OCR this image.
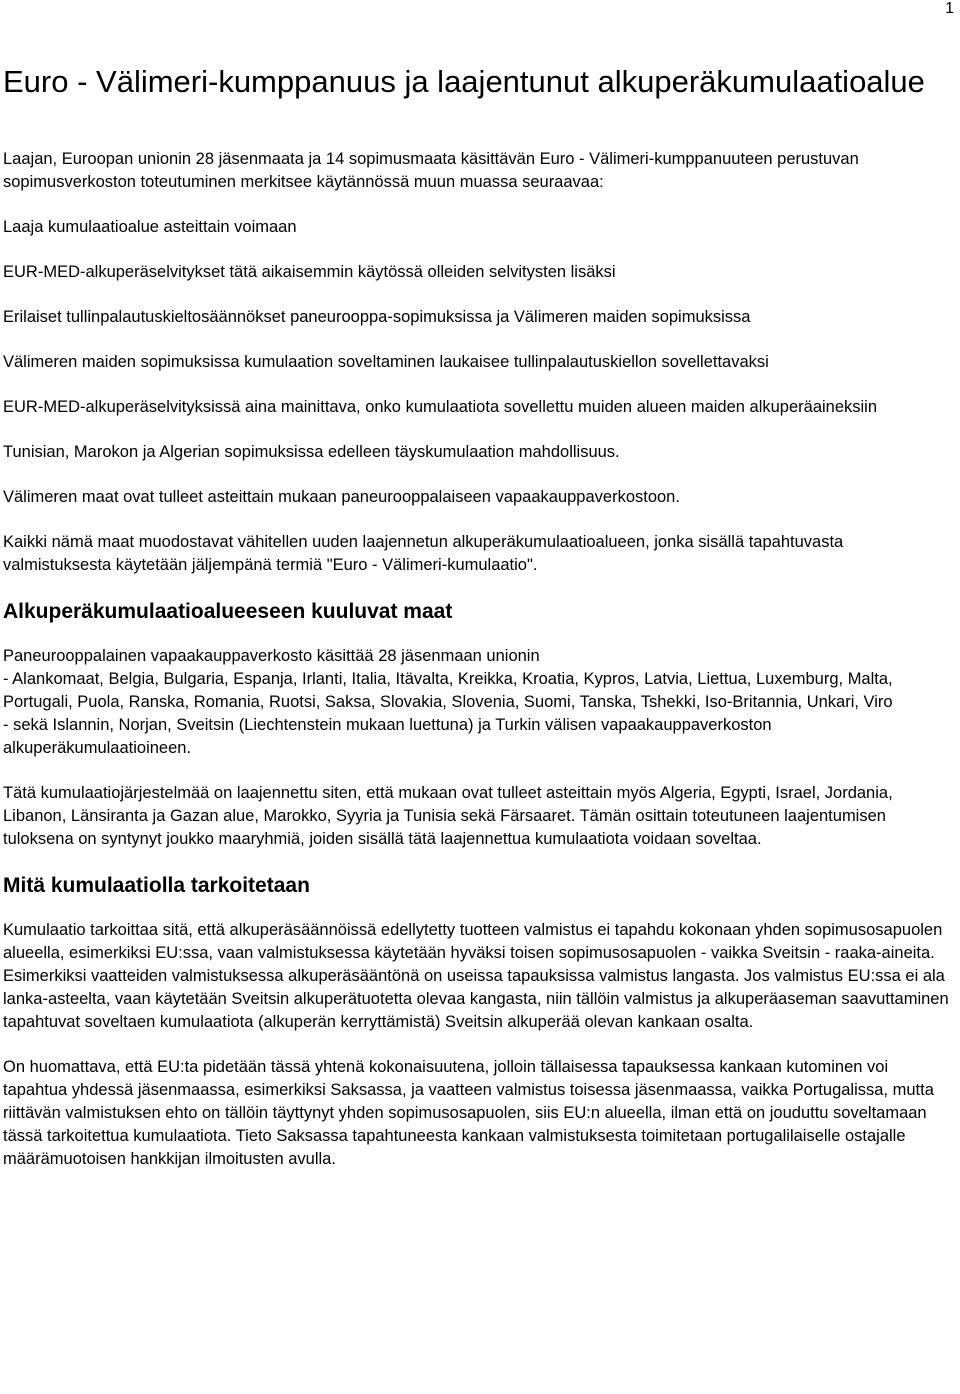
1
Euro - Välimeri-kumppanuus ja laajentunut alkuperäkumulaatioalue

Laajan, Euroopan unionin 28 jäsenmaata ja 14 sopimusmaata käsittävän Euro - Välimeri-kumppanuuteen perustuvan sopimusverkoston toteutuminen merkitsee käytännössä muun muassa seuraavaa:

Laaja kumulaatioalue asteittain voimaan

EUR-MED-alkuperäselvitykset tätä aikaisemmin käytössä olleiden selvitysten lisäksi

Erilaiset tullinpalautuskieltosäännökset paneurooppa-sopimuksissa ja Välimeren maiden sopimuksissa

Välimeren maiden sopimuksissa kumulaation soveltaminen laukaisee tullinpalautuskiellon sovellettavaksi

EUR-MED-alkuperäselvityksissä aina mainittava, onko kumulaatiota sovellettu muiden alueen maiden alkuperäaineksiin

Tunisian, Marokon ja Algerian sopimuksissa edelleen täyskumulaation mahdollisuus.

Välimeren maat ovat tulleet asteittain mukaan paneurooppalaiseen vapaakauppaverkostoon.

Kaikki nämä maat muodostavat vähitellen uuden laajennetun alkuperäkumulaatioalueen, jonka sisällä tapahtuvasta valmistuksesta käytetään jäljempänä termiä "Euro - Välimeri-kumulaatio".

Alkuperäkumulaatioalueeseen kuuluvat maat

Paneurooppalainen vapaakauppaverkosto käsittää 28 jäsenmaan unionin

- Alankomaat, Belgia, Bulgaria, Espanja, Irlanti, Italia, Itävalta, Kreikka, Kroatia, Kypros, Latvia, Liettua, Luxemburg, Malta, Portugali, Puola, Ranska, Romania, Ruotsi, Saksa, Slovakia, Slovenia, Suomi, Tanska, Tshekki, Iso-Britannia, Unkari, Viro

- sekä Islannin, Norjan, Sveitsin (Liechtenstein mukaan luettuna) ja Turkin välisen vapaakauppaverkoston alkuperäkumulaatioineen.

Tätä kumulaatiojärjestelmää on laajennettu siten, että mukaan ovat tulleet asteittain myös Algeria, Egypti, Israel, Jordania, Libanon, Länsiranta ja Gazan alue, Marokko, Syyria ja Tunisia sekä Färsaaret. Tämän osittain toteutuneen laajentumisen tuloksena on syntynyt joukko maaryhmiä, joiden sisällä tätä laajennettua kumulaatiota voidaan soveltaa.

Mitä kumulaatiolla tarkoitetaan

Kumulaatio tarkoittaa sitä, että alkuperäsäännöissä edellytetty tuotteen valmistus ei tapahdu kokonaan yhden sopimusosapuolen alueella, esimerkiksi EU:ssa, vaan valmistuksessa käytetään hyväksi toisen sopimusosapuolen - vaikka Sveitsin - raaka-aineita. Esimerkiksi vaatteiden valmistuksessa alkuperäsääntönä on useissa tapauksissa valmistus langasta. Jos valmistus EU:ssa ei ala lanka-asteelta, vaan käytetään Sveitsin alkuperätuotetta olevaa kangasta, niin tällöin valmistus ja alkuperäaseman saavuttaminen tapahtuvat soveltaen kumulaatiota (alkuperän kerryttämistä) Sveitsin alkuperää olevan kankaan osalta.

On huomattava, että EU:ta pidetään tässä yhtenä kokonaisuutena, jolloin tällaisessa tapauksessa kankaan kutominen voi tapahtua yhdessä jäsenmaassa, esimerkiksi Saksassa, ja vaatteen valmistus toisessa jäsenmaassa, vaikka Portugalissa, mutta riittävän valmistuksen ehto on tällöin täyttynyt yhden sopimusosapuolen, siis EU:n alueella, ilman että on jouduttu soveltamaan tässä tarkoitettua kumulaatiota. Tieto Saksassa tapahtuneesta kankaan valmistuksesta toimitetaan portugalilaiselle ostajalle määrämuotoisen hankkijan ilmoitusten avulla.
